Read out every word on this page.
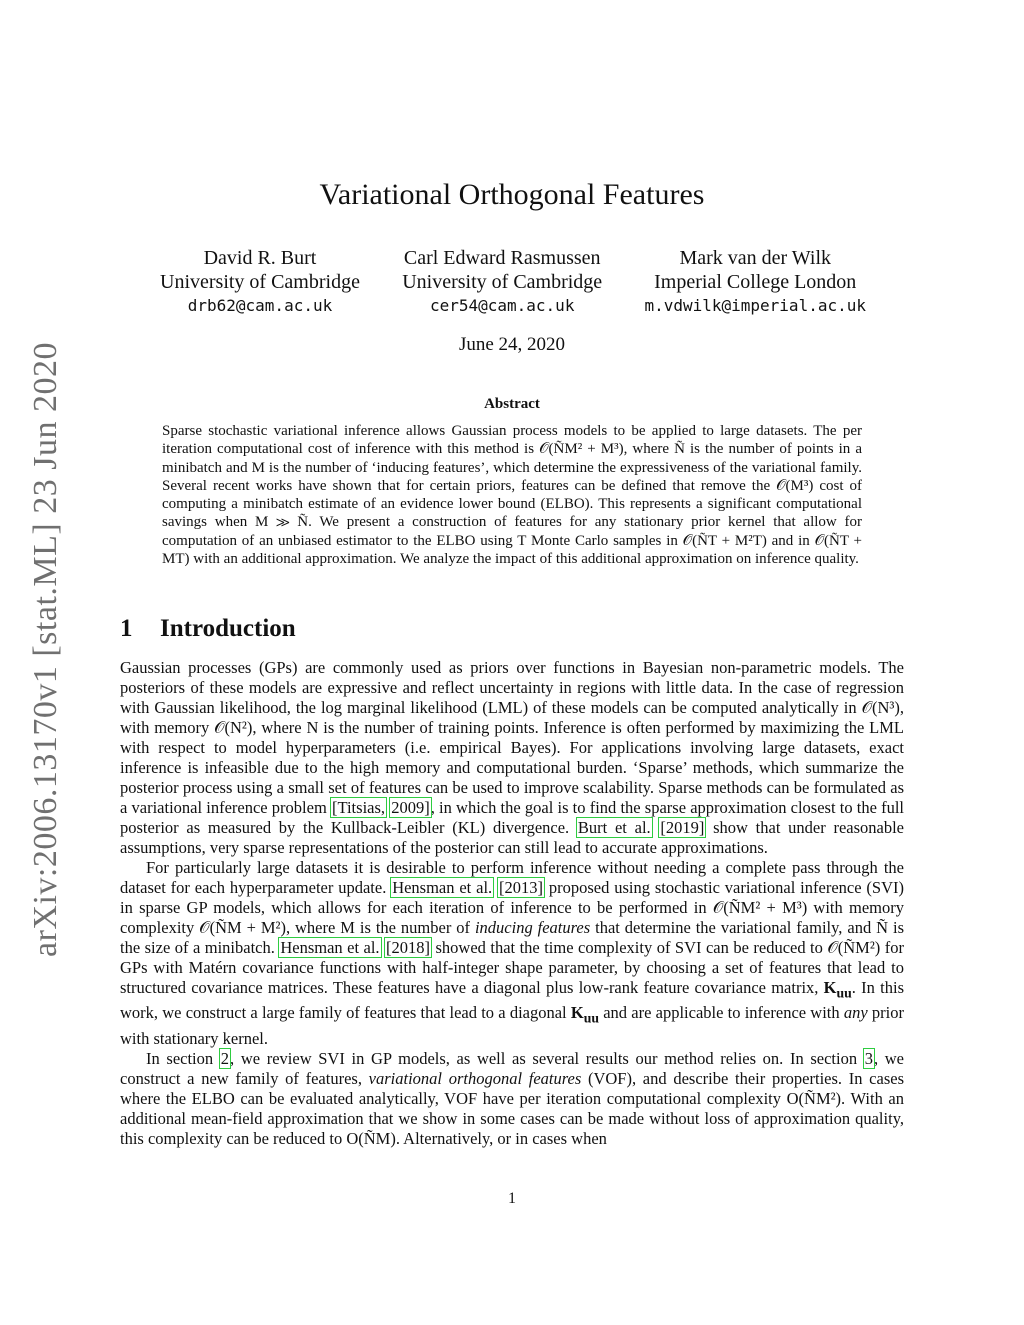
arXiv:2006.13170v1 [stat.ML] 23 Jun 2020
Variational Orthogonal Features
David R. Burt
University of Cambridge
drb62@cam.ac.uk
Carl Edward Rasmussen
University of Cambridge
cer54@cam.ac.uk
Mark van der Wilk
Imperial College London
m.vdwilk@imperial.ac.uk
June 24, 2020
Abstract
Sparse stochastic variational inference allows Gaussian process models to be applied to large datasets. The per iteration computational cost of inference with this method is 𝒪(ÑM² + M³), where Ñ is the number of points in a minibatch and M is the number of ‘inducing features’, which determine the expressiveness of the variational family. Several recent works have shown that for certain priors, features can be defined that remove the 𝒪(M³) cost of computing a minibatch estimate of an evidence lower bound (ELBO). This represents a significant computational savings when M ≫ Ñ. We present a construction of features for any stationary prior kernel that allow for computation of an unbiased estimator to the ELBO using T Monte Carlo samples in 𝒪(ÑT + M²T) and in 𝒪(ÑT + MT) with an additional approximation. We analyze the impact of this additional approximation on inference quality.
1 Introduction

Gaussian processes (GPs) are commonly used as priors over functions in Bayesian non-parametric models. The posteriors of these models are expressive and reflect uncertainty in regions with little data. In the case of regression with Gaussian likelihood, the log marginal likelihood (LML) of these models can be computed analytically in 𝒪(N³), with memory 𝒪(N²), where N is the number of training points. Inference is often performed by maximizing the LML with respect to model hyperparameters (i.e. empirical Bayes). For applications involving large datasets, exact inference is infeasible due to the high memory and computational burden. ‘Sparse’ methods, which summarize the posterior process using a small set of features can be used to improve scalability. Sparse methods can be formulated as a variational inference problem [Titsias, 2009], in which the goal is to find the sparse approximation closest to the full posterior as measured by the Kullback-Leibler (KL) divergence. Burt et al. [2019] show that under reasonable assumptions, very sparse representations of the posterior can still lead to accurate approximations.

For particularly large datasets it is desirable to perform inference without needing a complete pass through the dataset for each hyperparameter update. Hensman et al. [2013] proposed using stochastic variational inference (SVI) in sparse GP models, which allows for each iteration of inference to be performed in 𝒪(ÑM² + M³) with memory complexity 𝒪(ÑM + M²), where M is the number of inducing features that determine the variational family, and Ñ is the size of a minibatch. Hensman et al. [2018] showed that the time complexity of SVI can be reduced to 𝒪(ÑM²) for GPs with Matérn covariance functions with half-integer shape parameter, by choosing a set of features that lead to structured covariance matrices. These features have a diagonal plus low-rank feature covariance matrix, $K_{uu}$. In this work, we construct a large family of features that lead to a diagonal $K_{uu}$ and are applicable to inference with any prior with stationary kernel.

In section 2, we review SVI in GP models, as well as several results our method relies on. In section 3, we construct a new family of features, variational orthogonal features (VOF), and describe their properties. In cases where the ELBO can be evaluated analytically, VOF have per iteration computational complexity O(ÑM²). With an additional mean-field approximation that we show in some cases can be made without loss of approximation quality, this complexity can be reduced to O(ÑM). Alternatively, or in cases when

1
